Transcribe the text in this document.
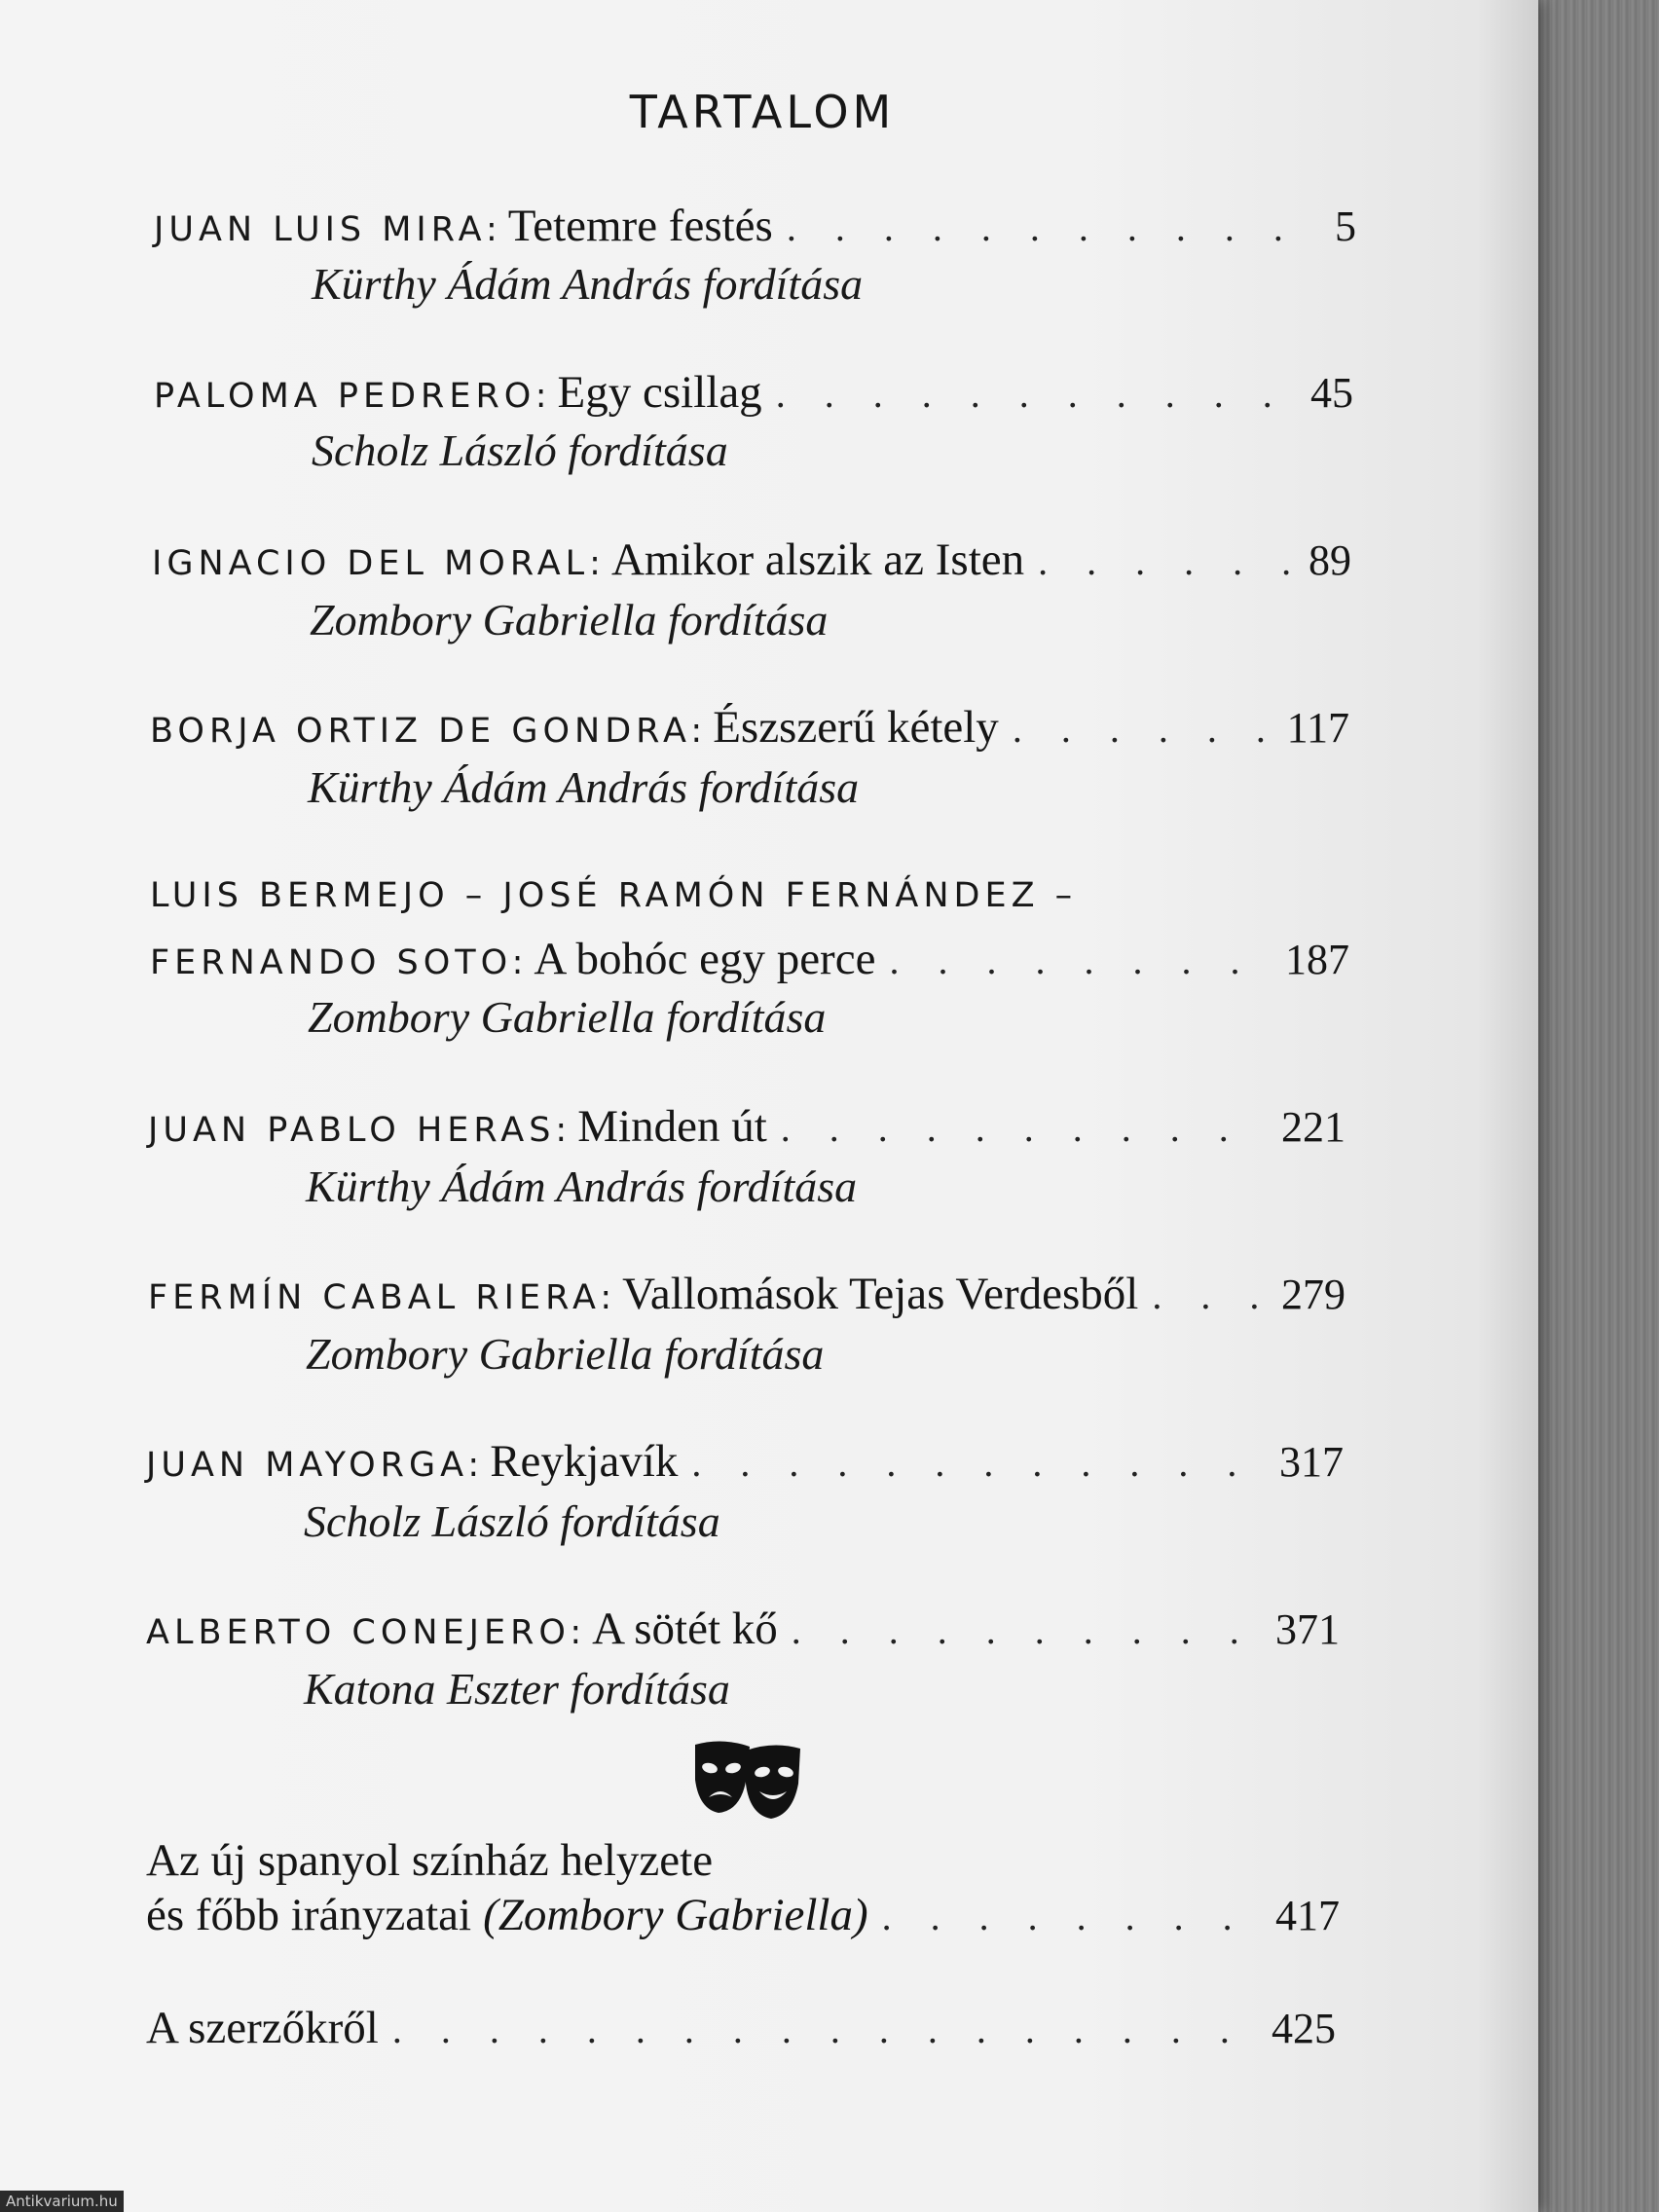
TARTALOM
JUAN LUIS MIRA: Tetemre festés . . .	5
Kürthy Ádám András fordítása
PALOMA PEDRERO: Egy csillag . . .	45
Scholz László fordítása
IGNACIO DEL MORAL: Amikor alszik az Isten . . .	89
Zombory Gabriella fordítása
BORJA ORTIZ DE GONDRA: Észszerű kétely . . .	117
Kürthy Ádám András fordítása
LUIS BERMEJO – JOSÉ RAMÓN FERNÁNDEZ –
FERNANDO SOTO: A bohóc egy perce . . .	187
Zombory Gabriella fordítása
JUAN PABLO HERAS: Minden út . . .	221
Kürthy Ádám András fordítása
FERMÍN CABAL RIERA: Vallomások Tejas Verdesből . . .	279
Zombory Gabriella fordítása
JUAN MAYORGA: Reykjavík . . .	317
Scholz László fordítása
ALBERTO CONEJERO: A sötét kő . . .	371
Katona Eszter fordítása
Az új spanyol színház helyzete
és főbb irányzatai (Zombory Gabriella) . . .	417
A szerzőkről . . .	425
Antikvarium.hu
